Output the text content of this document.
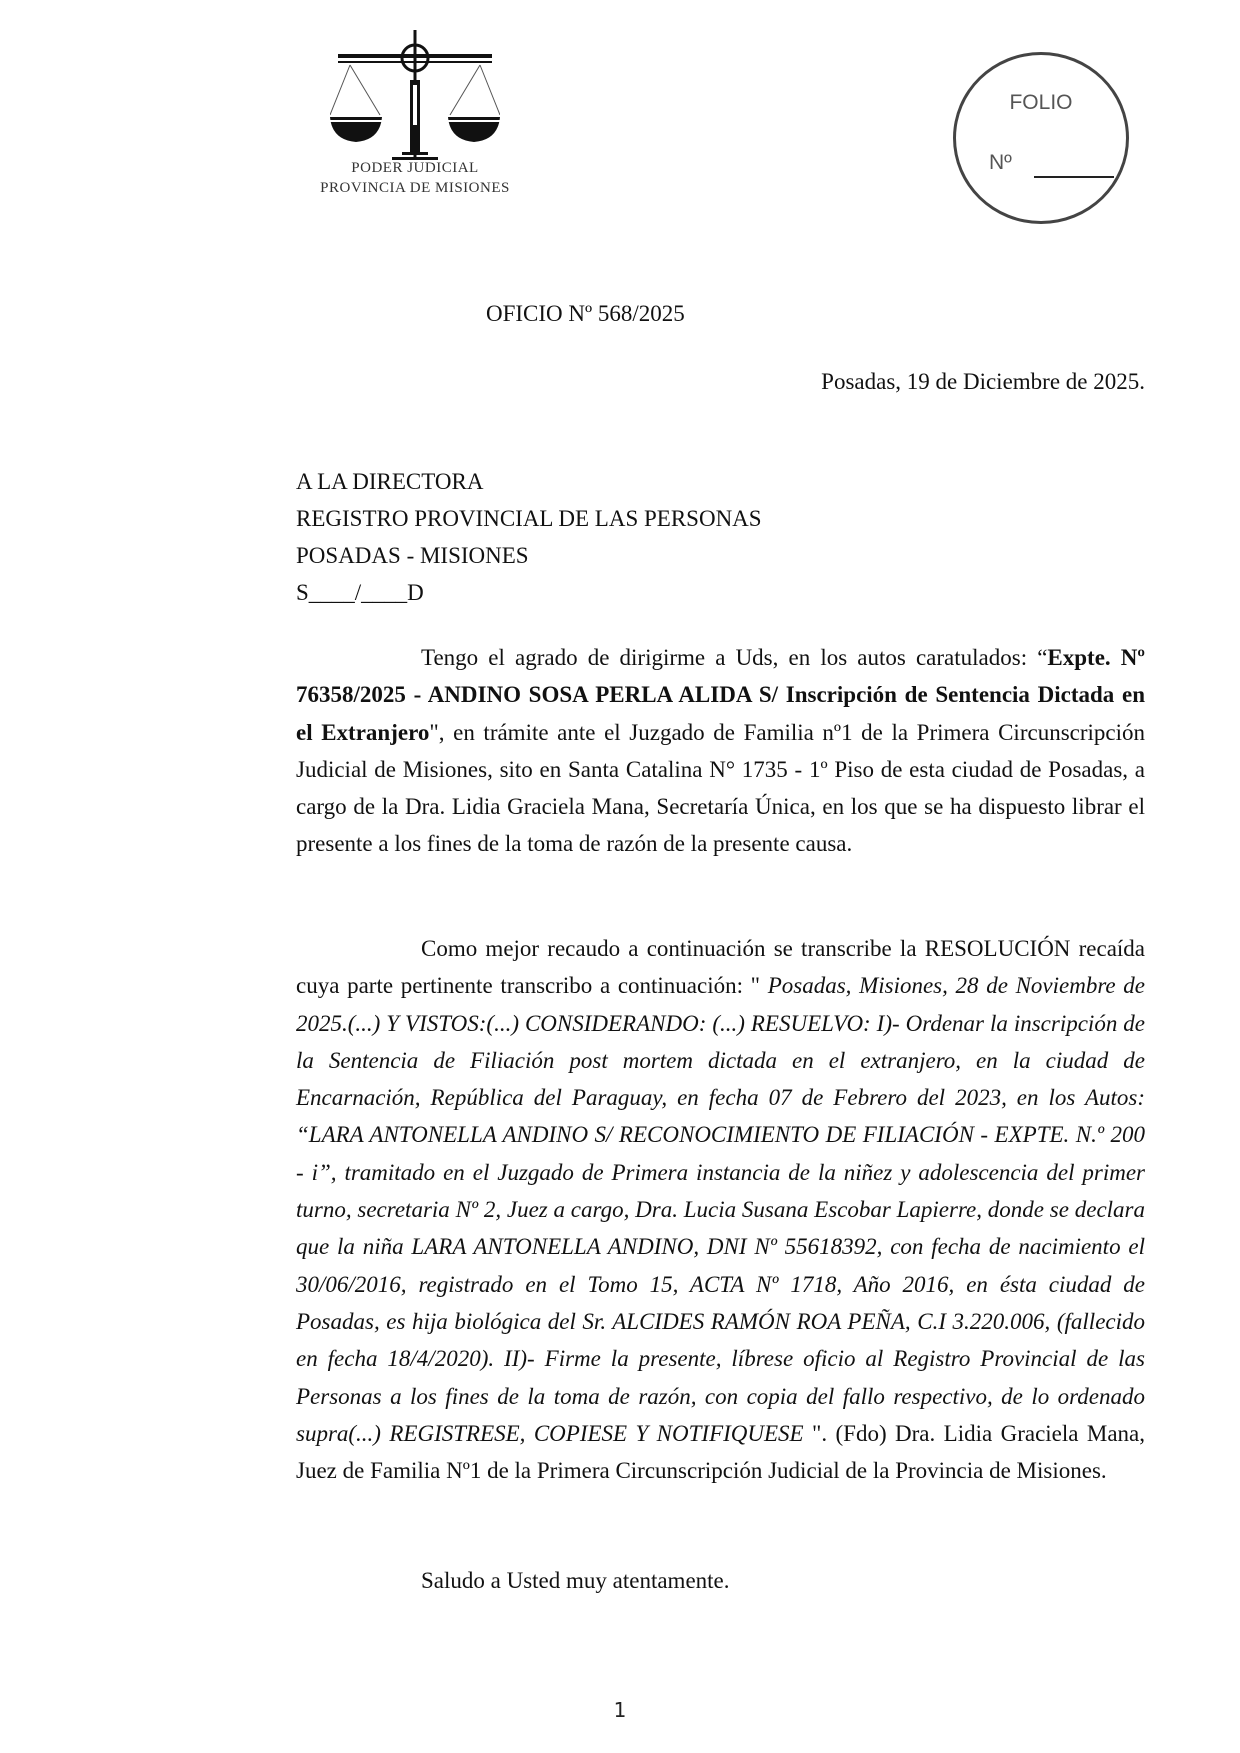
PODER JUDICIAL
PROVINCIA DE MISIONES
FOLIO
Nº
OFICIO Nº 568/2025
Posadas, 19 de Diciembre de 2025.
A LA DIRECTORA
REGISTRO PROVINCIAL DE LAS PERSONAS
POSADAS - MISIONES
S____/____D
Tengo el agrado de dirigirme a Uds, en los autos caratulados: “Expte. Nº 76358/2025 - ANDINO SOSA PERLA ALIDA S/ Inscripción de Sentencia Dictada en el Extranjero", en trámite ante el Juzgado de Familia nº1 de la Primera Circunscripción Judicial de Misiones, sito en Santa Catalina N° 1735 - 1º Piso de esta ciudad de Posadas, a cargo de la Dra. Lidia Graciela Mana, Secretaría Única, en los que se ha dispuesto librar el presente a los fines de la toma de razón de la presente causa.
Como mejor recaudo a continuación se transcribe la RESOLUCIÓN recaída cuya parte pertinente transcribo a continuación: " Posadas, Misiones, 28 de Noviembre de 2025.(...) Y VISTOS:(...) CONSIDERANDO: (...) RESUELVO: I)- Ordenar la inscripción de la Sentencia de Filiación post mortem dictada en el extranjero, en la ciudad de Encarnación, República del Paraguay, en fecha 07 de Febrero del 2023, en los Autos: “LARA ANTONELLA ANDINO S/ RECONOCIMIENTO DE FILIACIÓN - EXPTE. N.º 200 - i”, tramitado en el Juzgado de Primera instancia de la niñez y adolescencia del primer turno, secretaria Nº 2, Juez a cargo, Dra. Lucia Susana Escobar Lapierre, donde se declara que la niña LARA ANTONELLA ANDINO, DNI Nº 55618392, con fecha de nacimiento el 30/06/2016, registrado en el Tomo 15, ACTA Nº 1718, Año 2016, en ésta ciudad de Posadas, es hija biológica del Sr. ALCIDES RAMÓN ROA PEÑA, C.I 3.220.006, (fallecido en fecha 18/4/2020). II)- Firme la presente, líbrese oficio al Registro Provincial de las Personas a los fines de la toma de razón, con copia del fallo respectivo, de lo ordenado supra(...) REGISTRESE, COPIESE Y NOTIFIQUESE ". (Fdo) Dra. Lidia Graciela Mana, Juez de Familia Nº1 de la Primera Circunscripción Judicial de la Provincia de Misiones.
Saludo a Usted muy atentamente.
1
